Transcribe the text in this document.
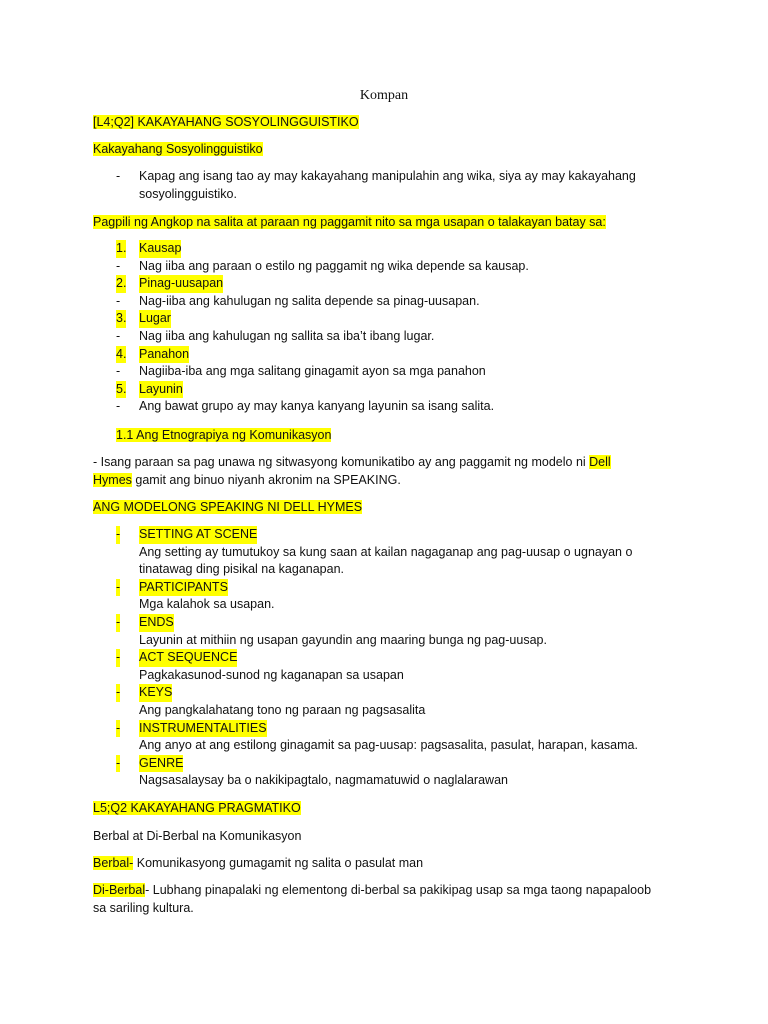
Kompan
[L4;Q2] KAKAYAHANG SOSYOLINGGUISTIKO
Kakayahang Sosyolingguistiko
- Kapag ang isang tao ay may kakayahang manipulahin ang wika, siya ay may kakayahang sosyolingguistiko.
Pagpili ng Angkop na salita at paraan ng paggamit nito sa mga usapan o talakayan batay sa:
1. Kausap
- Nag iiba ang paraan o estilo ng paggamit ng wika depende sa kausap.
2. Pinag-uusapan
- Nag-iiba ang kahulugan ng salita depende sa pinag-uusapan.
3. Lugar
- Nag iiba ang kahulugan ng sallita sa iba’t ibang lugar.
4. Panahon
- Nagiiba-iba ang mga salitang ginagamit ayon sa mga panahon
5. Layunin
- Ang bawat grupo ay may kanya kanyang layunin sa isang salita.
1.1 Ang Etnograpiya ng Komunikasyon
- Isang paraan sa pag unawa ng sitwasyong komunikatibo ay ang paggamit ng modelo ni Dell
Hymes gamit ang binuo niyanh akronim na SPEAKING.
ANG MODELONG SPEAKING NI DELL HYMES
- SETTING AT SCENE
Ang setting ay tumutukoy sa kung saan at kailan nagaganap ang pag-uusap o ugnayan o tinatawag ding pisikal na kaganapan.
- PARTICIPANTS
Mga kalahok sa usapan.
- ENDS
Layunin at mithiin ng usapan gayundin ang maaring bunga ng pag-uusap.
- ACT SEQUENCE
Pagkakasunod-sunod ng kaganapan sa usapan
- KEYS
Ang pangkalahatang tono ng paraan ng pagsasalita
- INSTRUMENTALITIES
Ang anyo at ang estilong ginagamit sa pag-uusap: pagsasalita, pasulat, harapan, kasama.
- GENRE
Nagsasalaysay ba o nakikipagtalo, nagmamatuwid o naglalarawan
L5;Q2 KAKAYAHANG PRAGMATIKO
Berbal at Di-Berbal na Komunikasyon
Berbal- Komunikasyong gumagamit ng salita o pasulat man
Di-Berbal- Lubhang pinapalaki ng elementong di-berbal sa pakikipag usap sa mga taong napapaloob sa sariling kultura.
